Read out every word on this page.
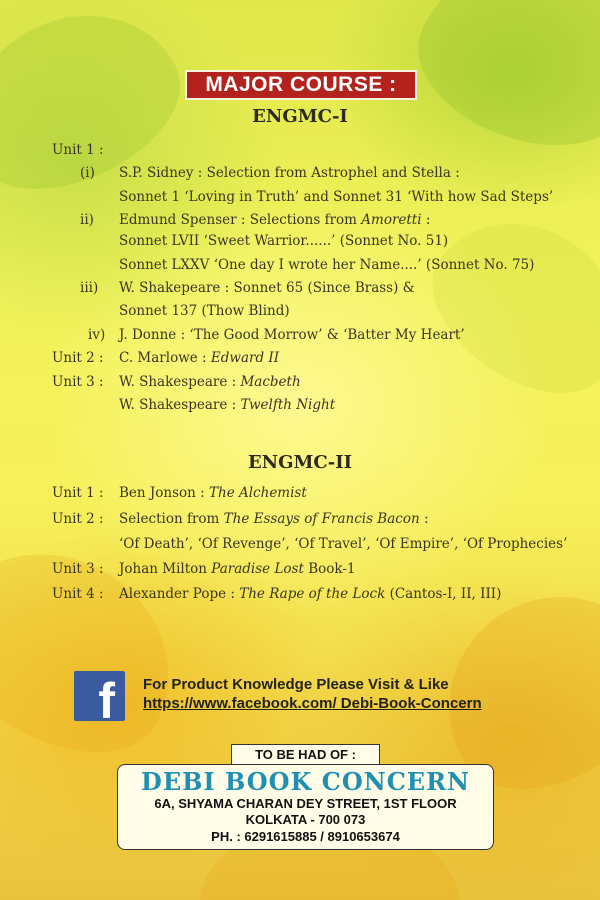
MAJOR COURSE :
ENGMC-I
Unit 1 :
(i) S.P. Sidney : Selection from Astrophel and Stella :
Sonnet 1 ‘Loving in Truth’ and Sonnet 31 ‘With how Sad Steps’
ii) Edmund Spenser : Selections from Amoretti :
Sonnet LVII ‘Sweet Warrior......’ (Sonnet No. 51)
Sonnet LXXV ‘One day I wrote her Name....’ (Sonnet No. 75)
iii) W. Shakepeare : Sonnet 65 (Since Brass) &
Sonnet 137 (Thow Blind)
iv) J. Donne : ‘The Good Morrow’ & ‘Batter My Heart’
Unit 2 : C. Marlowe : Edward II
Unit 3 : W. Shakespeare : Macbeth
W. Shakespeare : Twelfth Night
ENGMC-II
Unit 1 : Ben Jonson : The Alchemist
Unit 2 : Selection from The Essays of Francis Bacon :
‘Of Death’, ‘Of Revenge’, ‘Of Travel’, ‘Of Empire’, ‘Of Prophecies’
Unit 3 : Johan Milton Paradise Lost Book-1
Unit 4 : Alexander Pope : The Rape of the Lock (Cantos-I, II, III)
f	For Product Knowledge Please Visit & Like
https://www.facebook.com/ Debi-Book-Concern
TO BE HAD OF :
DEBI BOOK CONCERN
6A, SHYAMA CHARAN DEY STREET, 1ST FLOOR
KOLKATA - 700 073
PH. : 6291615885 / 8910653674
